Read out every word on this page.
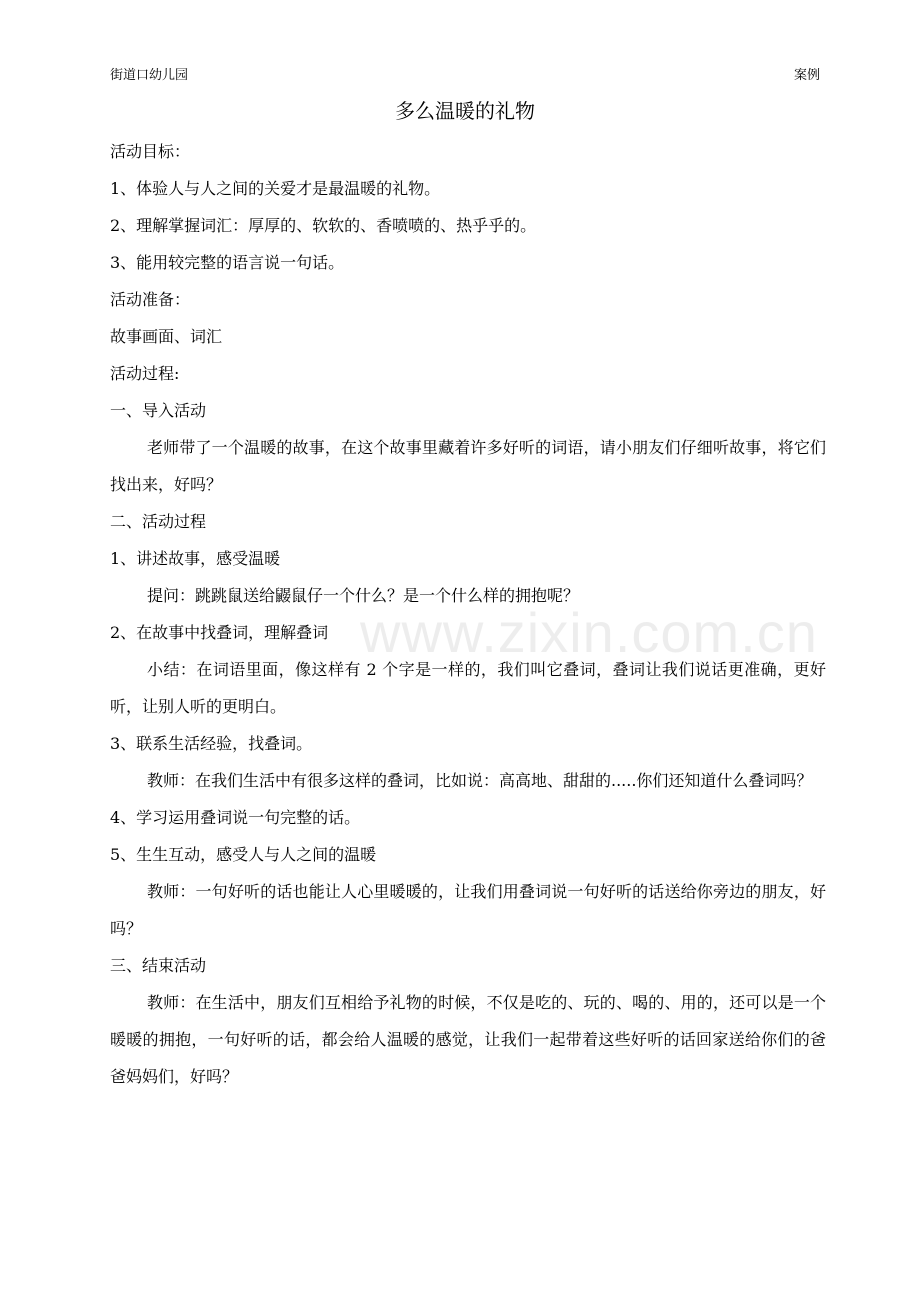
街道口幼儿园	案例
多么温暖的礼物
www.zixin.com.cn

活动目标：

1、体验人与人之间的关爱才是最温暖的礼物。

2、理解掌握词汇：厚厚的、软软的、香喷喷的、热乎乎的。

3、能用较完整的语言说一句话。

活动准备：

故事画面、词汇

活动过程:

一、导入活动

老师带了一个温暖的故事，在这个故事里藏着许多好听的词语，请小朋友们仔细听故事，将它们找出来，好吗？

二、活动过程

1、讲述故事，感受温暖

提问：跳跳鼠送给鼹鼠仔一个什么？是一个什么样的拥抱呢？

2、在故事中找叠词，理解叠词

小结：在词语里面，像这样有 2 个字是一样的，我们叫它叠词，叠词让我们说话更准确，更好听，让别人听的更明白。

3、联系生活经验，找叠词。

教师：在我们生活中有很多这样的叠词，比如说：高高地、甜甜的.....你们还知道什么叠词吗？

4、学习运用叠词说一句完整的话。

5、生生互动，感受人与人之间的温暖

教师：一句好听的话也能让人心里暖暖的，让我们用叠词说一句好听的话送给你旁边的朋友，好吗？

三、结束活动

教师：在生活中，朋友们互相给予礼物的时候，不仅是吃的、玩的、喝的、用的，还可以是一个暖暖的拥抱，一句好听的话，都会给人温暖的感觉，让我们一起带着这些好听的话回家送给你们的爸爸妈妈们，好吗？
